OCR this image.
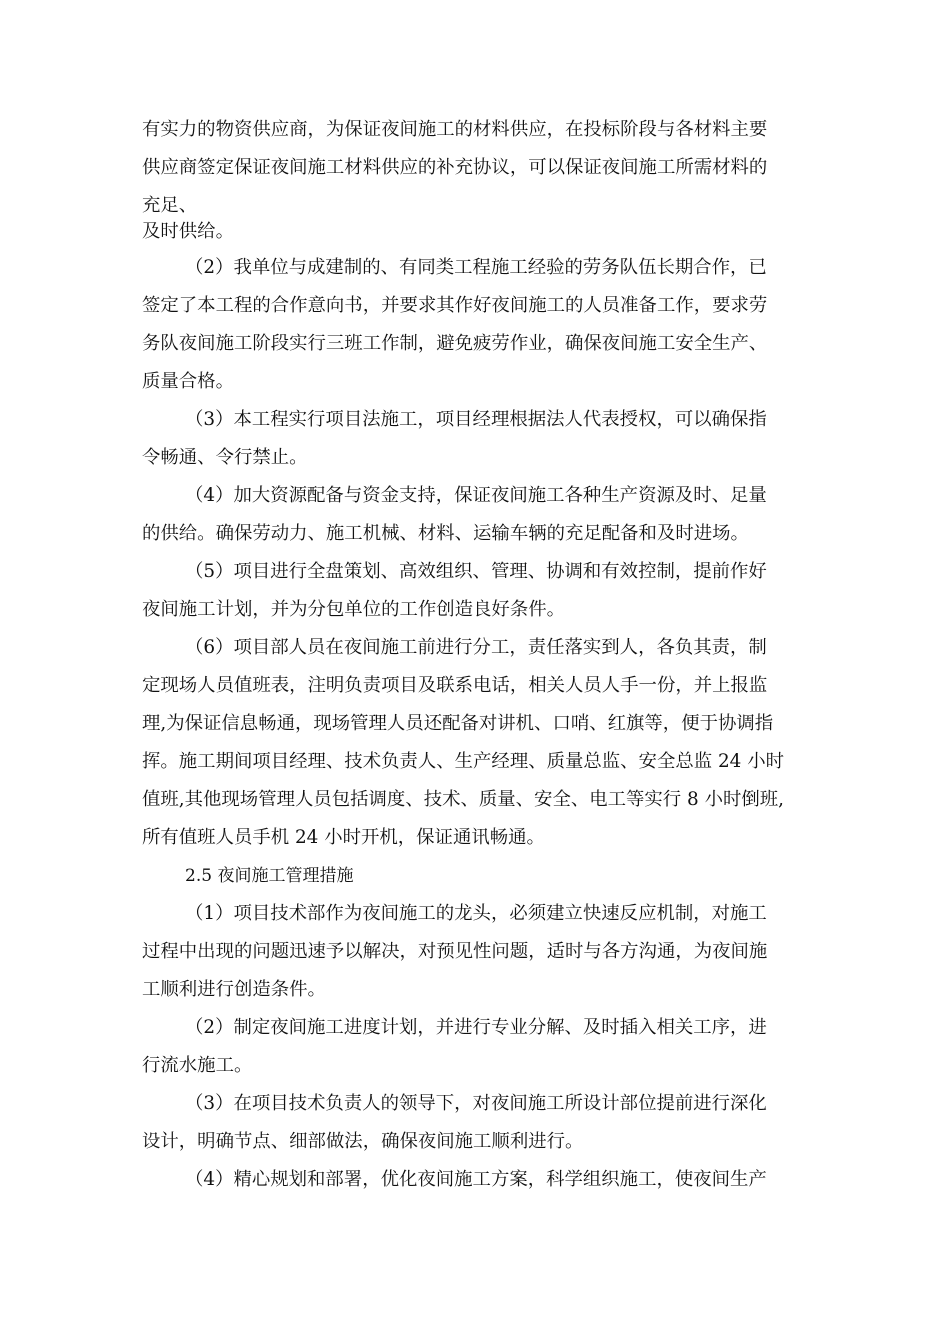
有实力的物资供应商，为保证夜间施工的材料供应，在投标阶段与各材料主要

供应商签定保证夜间施工材料供应的补充协议，可以保证夜间施工所需材料的

充足、

及时供给。

（2）我单位与成建制的、有同类工程施工经验的劳务队伍长期合作，已

签定了本工程的合作意向书，并要求其作好夜间施工的人员准备工作，要求劳

务队夜间施工阶段实行三班工作制，避免疲劳作业，确保夜间施工安全生产、

质量合格。

（3）本工程实行项目法施工，项目经理根据法人代表授权，可以确保指

令畅通、令行禁止。

（4）加大资源配备与资金支持，保证夜间施工各种生产资源及时、足量

的供给。确保劳动力、施工机械、材料、运输车辆的充足配备和及时进场。

（5）项目进行全盘策划、高效组织、管理、协调和有效控制，提前作好

夜间施工计划，并为分包单位的工作创造良好条件。

（6）项目部人员在夜间施工前进行分工，责任落实到人，各负其责，制

定现场人员值班表，注明负责项目及联系电话，相关人员人手一份，并上报监

理,为保证信息畅通，现场管理人员还配备对讲机、口哨、红旗等，便于协调指

挥。施工期间项目经理、技术负责人、生产经理、质量总监、安全总监 24 小时

值班,其他现场管理人员包括调度、技术、质量、安全、电工等实行 8 小时倒班,

所有值班人员手机 24 小时开机，保证通讯畅通。

2.5 夜间施工管理措施

（1）项目技术部作为夜间施工的龙头，必须建立快速反应机制，对施工

过程中出现的问题迅速予以解决，对预见性问题，适时与各方沟通，为夜间施

工顺利进行创造条件。

（2）制定夜间施工进度计划，并进行专业分解、及时插入相关工序，进

行流水施工。

（3）在项目技术负责人的领导下，对夜间施工所设计部位提前进行深化

设计，明确节点、细部做法，确保夜间施工顺利进行。

（4）精心规划和部署，优化夜间施工方案，科学组织施工，使夜间生产
